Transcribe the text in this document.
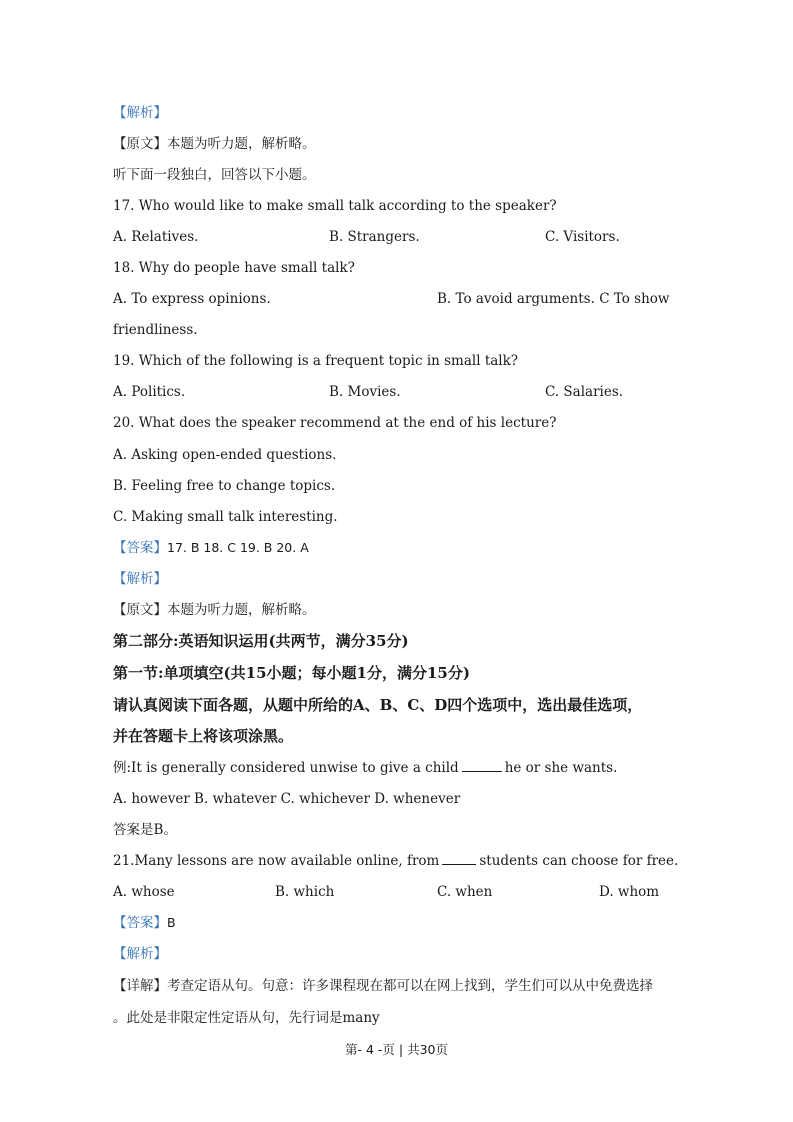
【解析】
【原文】本题为听力题，解析略。
听下面一段独白，回答以下小题。
17. Who would like to make small talk according to the speaker?
A. Relatives.	B. Strangers.	C. Visitors.
18. Why do people have small talk?
A. To express opinions.	B. To avoid arguments. C To show
friendliness.
19. Which of the following is a frequent topic in small talk?
A. Politics.	B. Movies.	C. Salaries.
20. What does the speaker recommend at the end of his lecture?
A. Asking open-ended questions.
B. Feeling free to change topics.
C. Making small talk interesting.
【答案】17. B 18. C 19. B 20. A
【解析】
【原文】本题为听力题，解析略。
第二部分:英语知识运用(共两节，满分35分)
第一节:单项填空(共15小题；每小题1分，满分15分)
请认真阅读下面各题，从题中所给的A、B、C、D四个选项中，选出最佳选项，
并在答题卡上将该项涂黑。
例:It is generally considered unwise to give a child	he or she wants.
A. however B. whatever C. whichever D. whenever
答案是B。
21.Many lessons are now available online, from	students can choose for free.
A. whose	B. which	C. when	D. whom
【答案】B
【解析】
【详解】考查定语从句。句意：许多课程现在都可以在网上找到，学生们可以从中免费选择
。此处是非限定性定语从句，先行词是many
第- 4 -页 | 共30页
